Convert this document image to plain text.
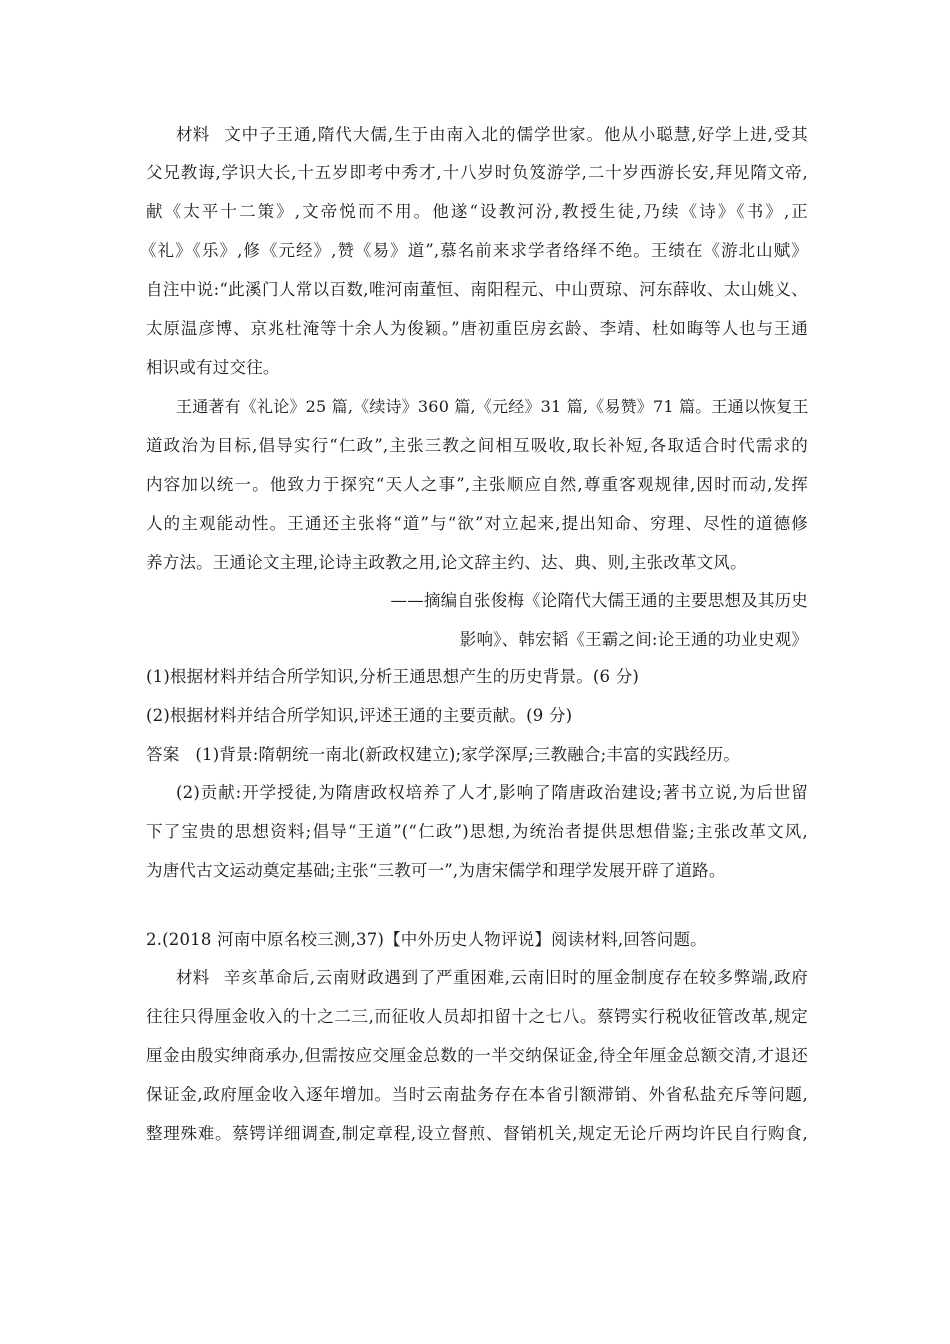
材料 文中子王通,隋代大儒,生于由南入北的儒学世家。他从小聪慧,好学上进,受其
父兄教诲,学识大长,十五岁即考中秀才,十八岁时负笈游学,二十岁西游长安,拜见隋文帝,
献《太平十二策》,文帝悦而不用。他遂“设教河汾,教授生徒,乃续《诗》《书》,正
《礼》《乐》,修《元经》,赞《易》道”,慕名前来求学者络绎不绝。王绩在《游北山赋》
自注中说:“此溪门人常以百数,唯河南董恒、南阳程元、中山贾琼、河东薛收、太山姚义、
太原温彦博、京兆杜淹等十余人为俊颖。”唐初重臣房玄龄、李靖、杜如晦等人也与王通
相识或有过交往。
王通著有《礼论》25 篇,《续诗》360 篇,《元经》31 篇,《易赞》71 篇。王通以恢复王
道政治为目标,倡导实行“仁政”,主张三教之间相互吸收,取长补短,各取适合时代需求的
内容加以统一。他致力于探究“天人之事”,主张顺应自然,尊重客观规律,因时而动,发挥
人的主观能动性。王通还主张将“道”与“欲”对立起来,提出知命、穷理、尽性的道德修
养方法。王通论文主理,论诗主政教之用,论文辞主约、达、典、则,主张改革文风。
——摘编自张俊梅《论隋代大儒王通的主要思想及其历史
影响》、韩宏韬《王霸之间:论王通的功业史观》
(1)根据材料并结合所学知识,分析王通思想产生的历史背景。(6 分)
(2)根据材料并结合所学知识,评述王通的主要贡献。(9 分)
答案 (1)背景:隋朝统一南北(新政权建立);家学深厚;三教融合;丰富的实践经历。
(2)贡献:开学授徒,为隋唐政权培养了人才,影响了隋唐政治建设;著书立说,为后世留
下了宝贵的思想资料;倡导“王道”(“仁政”)思想,为统治者提供思想借鉴;主张改革文风,
为唐代古文运动奠定基础;主张“三教可一”,为唐宋儒学和理学发展开辟了道路。
2.(2018 河南中原名校三测,37)【中外历史人物评说】阅读材料,回答问题。
材料 辛亥革命后,云南财政遇到了严重困难,云南旧时的厘金制度存在较多弊端,政府
往往只得厘金收入的十之二三,而征收人员却扣留十之七八。蔡锷实行税收征管改革,规定
厘金由殷实绅商承办,但需按应交厘金总数的一半交纳保证金,待全年厘金总额交清,才退还
保证金,政府厘金收入逐年增加。当时云南盐务存在本省引额滞销、外省私盐充斥等问题,
整理殊难。蔡锷详细调查,制定章程,设立督煎、督销机关,规定无论斤两均许民自行购食,
